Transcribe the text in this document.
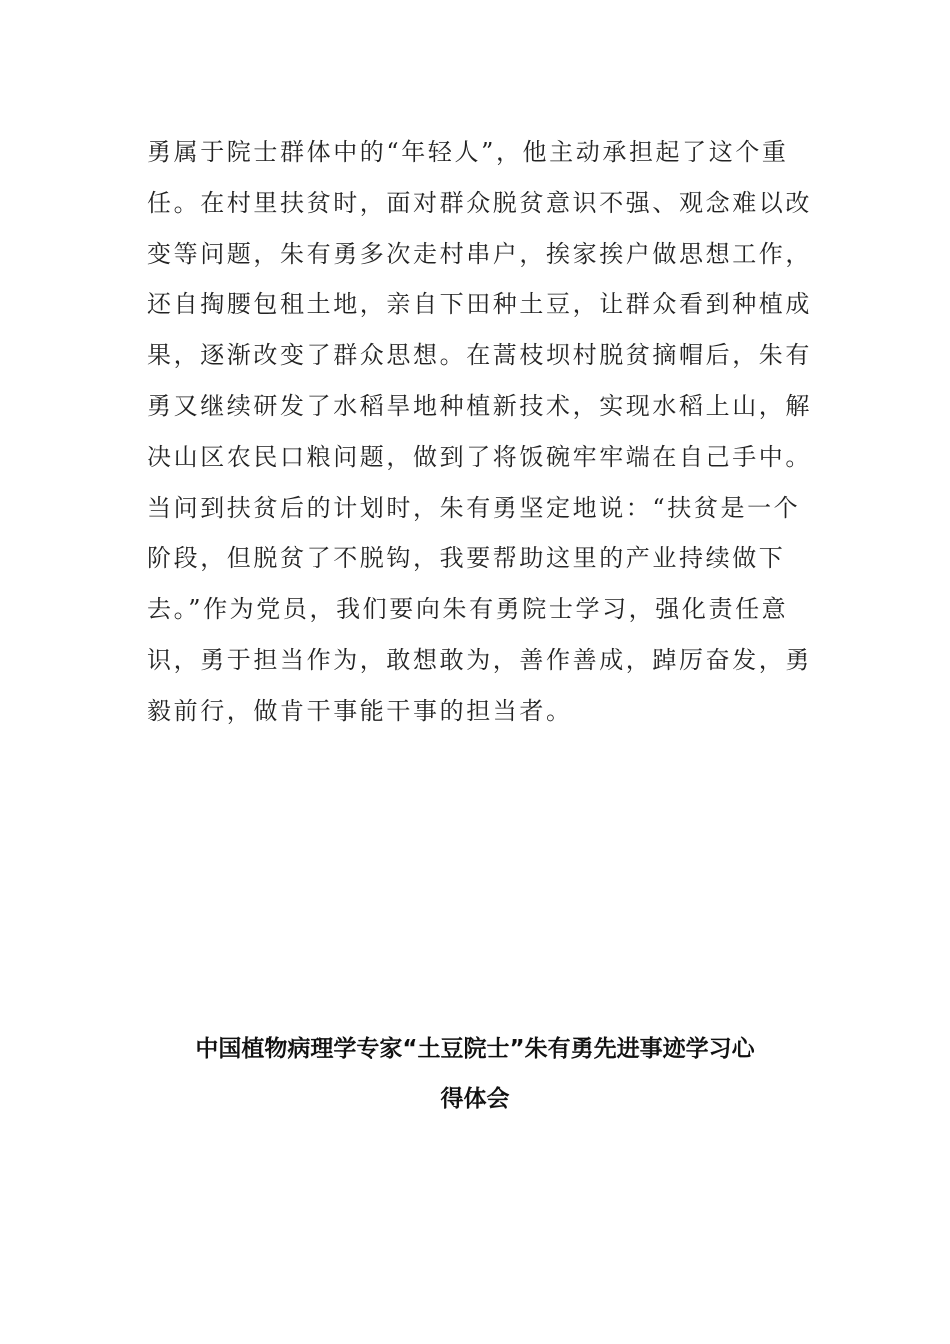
勇属于院士群体中的“年轻人”，他主动承担起了这个重
任。在村里扶贫时，面对群众脱贫意识不强、观念难以改
变等问题，朱有勇多次走村串户，挨家挨户做思想工作，
还自掏腰包租土地，亲自下田种土豆，让群众看到种植成
果，逐渐改变了群众思想。在蒿枝坝村脱贫摘帽后，朱有
勇又继续研发了水稻旱地种植新技术，实现水稻上山，解
决山区农民口粮问题，做到了将饭碗牢牢端在自己手中。
当问到扶贫后的计划时，朱有勇坚定地说：“扶贫是一个
阶段，但脱贫了不脱钩，我要帮助这里的产业持续做下
去。”作为党员，我们要向朱有勇院士学习，强化责任意
识，勇于担当作为，敢想敢为，善作善成，踔厉奋发，勇
毅前行，做肯干事能干事的担当者。

中国植物病理学专家“土豆院士”朱有勇先进事迹学习心
得体会
